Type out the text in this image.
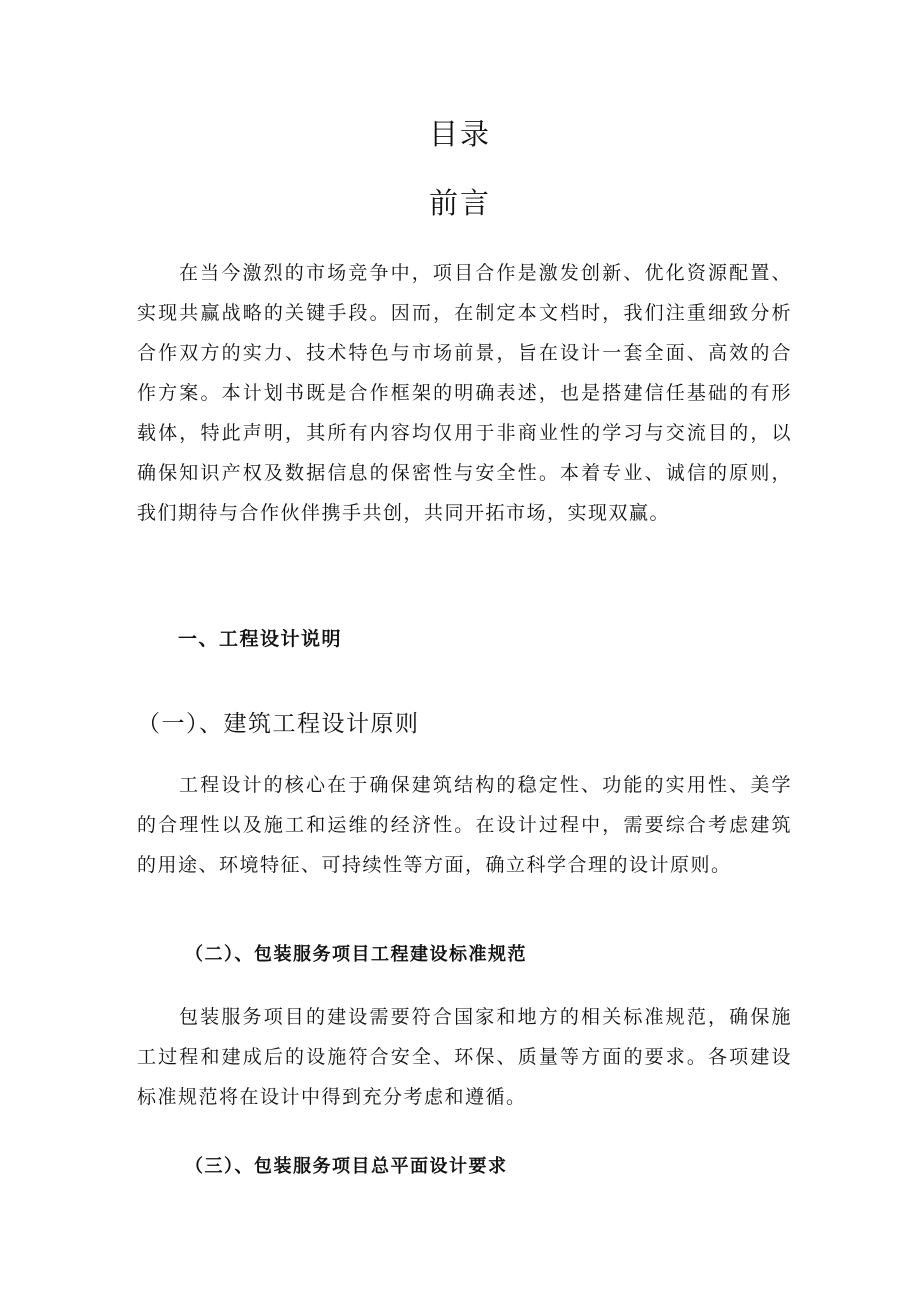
目录
前言

在当今激烈的市场竞争中，项目合作是激发创新、优化资源配置、实现共赢战略的关键手段。因而，在制定本文档时，我们注重细致分析合作双方的实力、技术特色与市场前景，旨在设计一套全面、高效的合作方案。本计划书既是合作框架的明确表述，也是搭建信任基础的有形载体，特此声明，其所有内容均仅用于非商业性的学习与交流目的，以确保知识产权及数据信息的保密性与安全性。本着专业、诚信的原则，我们期待与合作伙伴携手共创，共同开拓市场，实现双赢。

一、工程设计说明
（一）、建筑工程设计原则

工程设计的核心在于确保建筑结构的稳定性、功能的实用性、美学的合理性以及施工和运维的经济性。在设计过程中，需要综合考虑建筑的用途、环境特征、可持续性等方面，确立科学合理的设计原则。

（二）、包装服务项目工程建设标准规范

包装服务项目的建设需要符合国家和地方的相关标准规范，确保施工过程和建成后的设施符合安全、环保、质量等方面的要求。各项建设标准规范将在设计中得到充分考虑和遵循。

（三）、包装服务项目总平面设计要求
